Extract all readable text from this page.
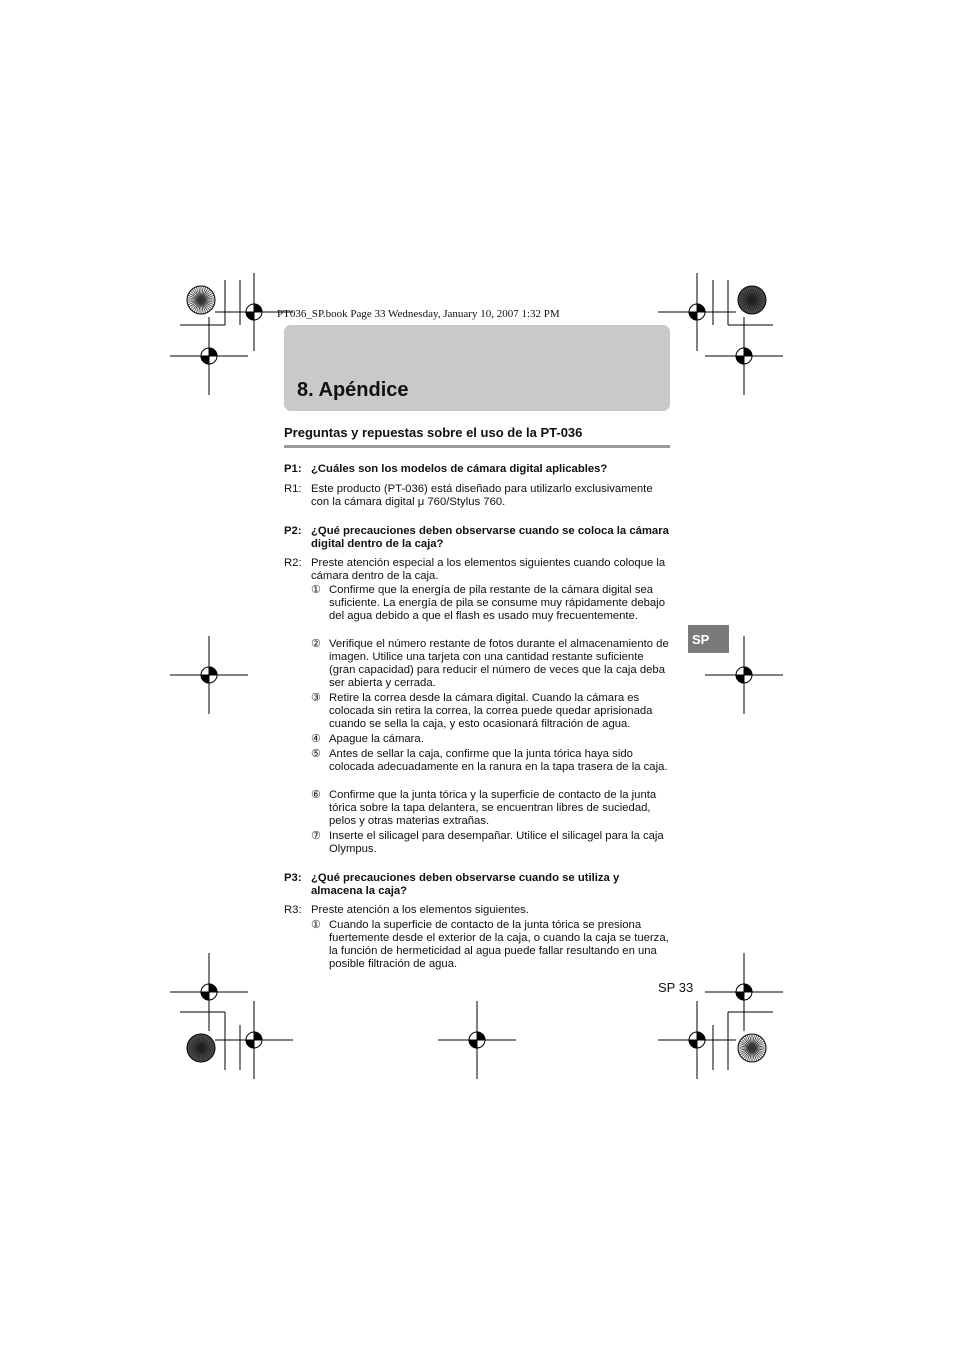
PT036_SP.book Page 33 Wednesday, January 10, 2007 1:32 PM
8. Apéndice
Preguntas y repuestas sobre el uso de la PT-036
P1: ¿Cuáles son los modelos de cámara digital aplicables?
R1: Este producto (PT-036) está diseñado para utilizarlo exclusivamente con la cámara digital μ 760/Stylus 760.
P2: ¿Qué precauciones deben observarse cuando se coloca la cámara digital dentro de la caja?
R2: Preste atención especial a los elementos siguientes cuando coloque la cámara dentro de la caja.
① Confirme que la energía de pila restante de la cámara digital sea suficiente. La energía de pila se consume muy rápidamente debajo del agua debido a que el flash es usado muy frecuentemente.
② Verifique el número restante de fotos durante el almacenamiento de imagen. Utilice una tarjeta con una cantidad restante suficiente (gran capacidad) para reducir el número de veces que la caja deba ser abierta y cerrada.
③ Retire la correa desde la cámara digital. Cuando la cámara es colocada sin retira la correa, la correa puede quedar aprisionada cuando se sella la caja, y esto ocasionará filtración de agua.
④ Apague la cámara.
⑤ Antes de sellar la caja, confirme que la junta tórica haya sido colocada adecuadamente en la ranura en la tapa trasera de la caja.
⑥ Confirme que la junta tórica y la superficie de contacto de la junta tórica sobre la tapa delantera, se encuentran libres de suciedad, pelos y otras materias extrañas.
⑦ Inserte el silicagel para desempañar. Utilice el silicagel para la caja Olympus.
P3: ¿Qué precauciones deben observarse cuando se utiliza y almacena la caja?
R3: Preste atención a los elementos siguientes.
① Cuando la superficie de contacto de la junta tórica se presiona fuertemente desde el exterior de la caja, o cuando la caja se tuerza, la función de hermeticidad al agua puede fallar resultando en una posible filtración de agua.
SP
SP 33
